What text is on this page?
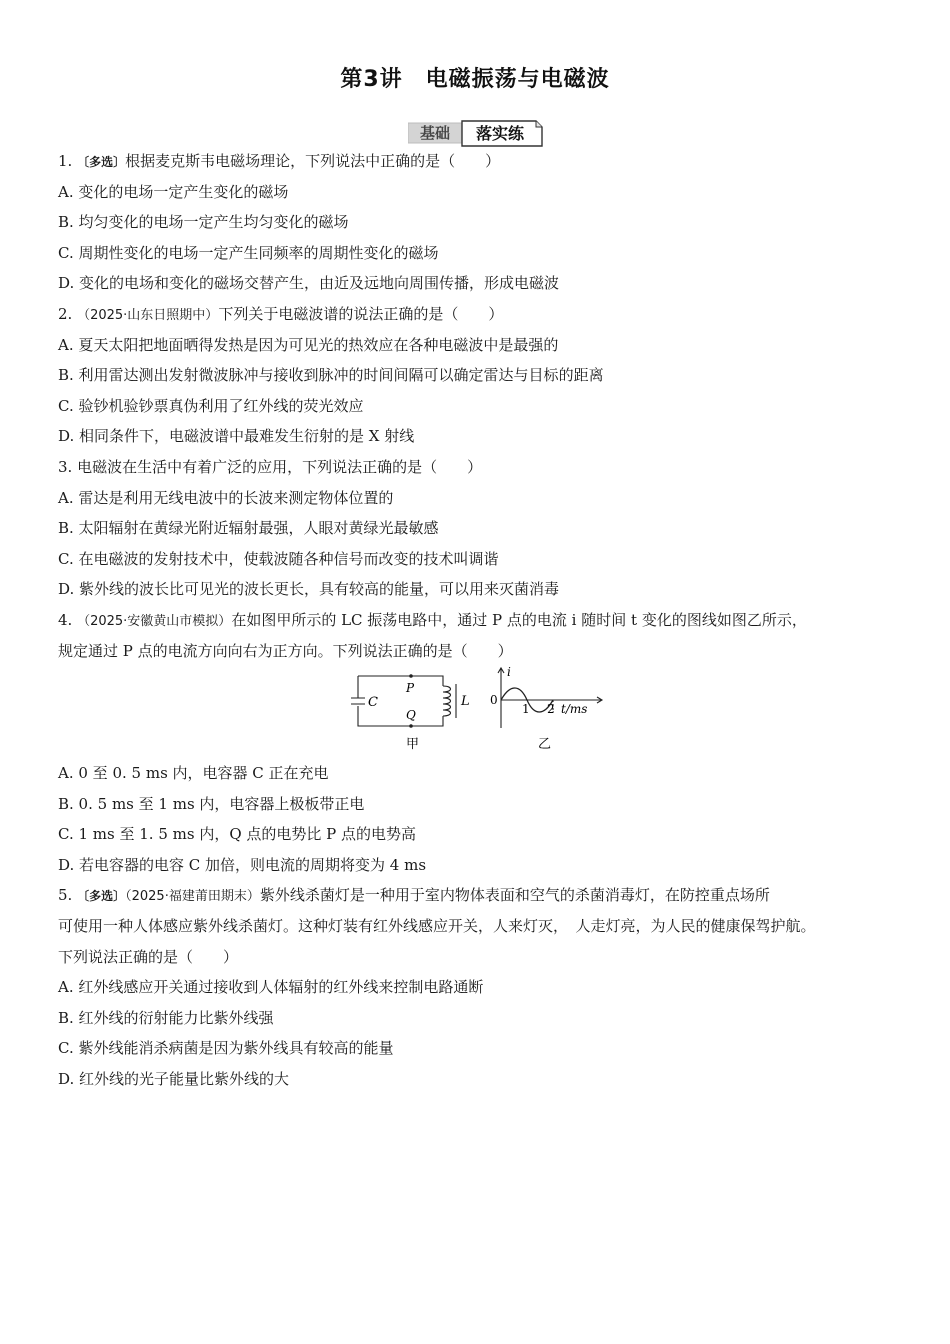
第3讲　电磁振荡与电磁波
基础 落实练
1. 〔多选〕根据麦克斯韦电磁场理论，下列说法中正确的是（　　）
A. 变化的电场一定产生变化的磁场
B. 均匀变化的电场一定产生均匀变化的磁场
C. 周期性变化的电场一定产生同频率的周期性变化的磁场
D. 变化的电场和变化的磁场交替产生，由近及远地向周围传播，形成电磁波
2. （2025·山东日照期中）下列关于电磁波谱的说法正确的是（　　）
A. 夏天太阳把地面晒得发热是因为可见光的热效应在各种电磁波中是最强的
B. 利用雷达测出发射微波脉冲与接收到脉冲的时间间隔可以确定雷达与目标的距离
C. 验钞机验钞票真伪利用了红外线的荧光效应
D. 相同条件下，电磁波谱中最难发生衍射的是 X 射线
3. 电磁波在生活中有着广泛的应用，下列说法正确的是（　　）
A. 雷达是利用无线电波中的长波来测定物体位置的
B. 太阳辐射在黄绿光附近辐射最强，人眼对黄绿光最敏感
C. 在电磁波的发射技术中，使载波随各种信号而改变的技术叫调谐
D. 紫外线的波长比可见光的波长更长，具有较高的能量，可以用来灭菌消毒
4. （2025·安徽黄山市模拟）在如图甲所示的 LC 振荡电路中，通过 P 点的电流 i 随时间 t 变化的图线如图乙所示，
规定通过 P 点的电流方向向右为正方向。下列说法正确的是（　　）
C
P
Q
L
甲
i
0
1 2 t/ms
乙
A. 0 至 0. 5 ms 内，电容器 C 正在充电
B. 0. 5 ms 至 1 ms 内，电容器上极板带正电
C. 1 ms 至 1. 5 ms 内，Q 点的电势比 P 点的电势高
D. 若电容器的电容 C 加倍，则电流的周期将变为 4 ms
5. 〔多选〕（2025·福建莆田期末）紫外线杀菌灯是一种用于室内物体表面和空气的杀菌消毒灯，在防控重点场所
可使用一种人体感应紫外线杀菌灯。这种灯装有红外线感应开关，人来灯灭，　人走灯亮，为人民的健康保驾护航。
下列说法正确的是（　　）
A. 红外线感应开关通过接收到人体辐射的红外线来控制电路通断
B. 红外线的衍射能力比紫外线强
C. 紫外线能消杀病菌是因为紫外线具有较高的能量
D. 红外线的光子能量比紫外线的大
